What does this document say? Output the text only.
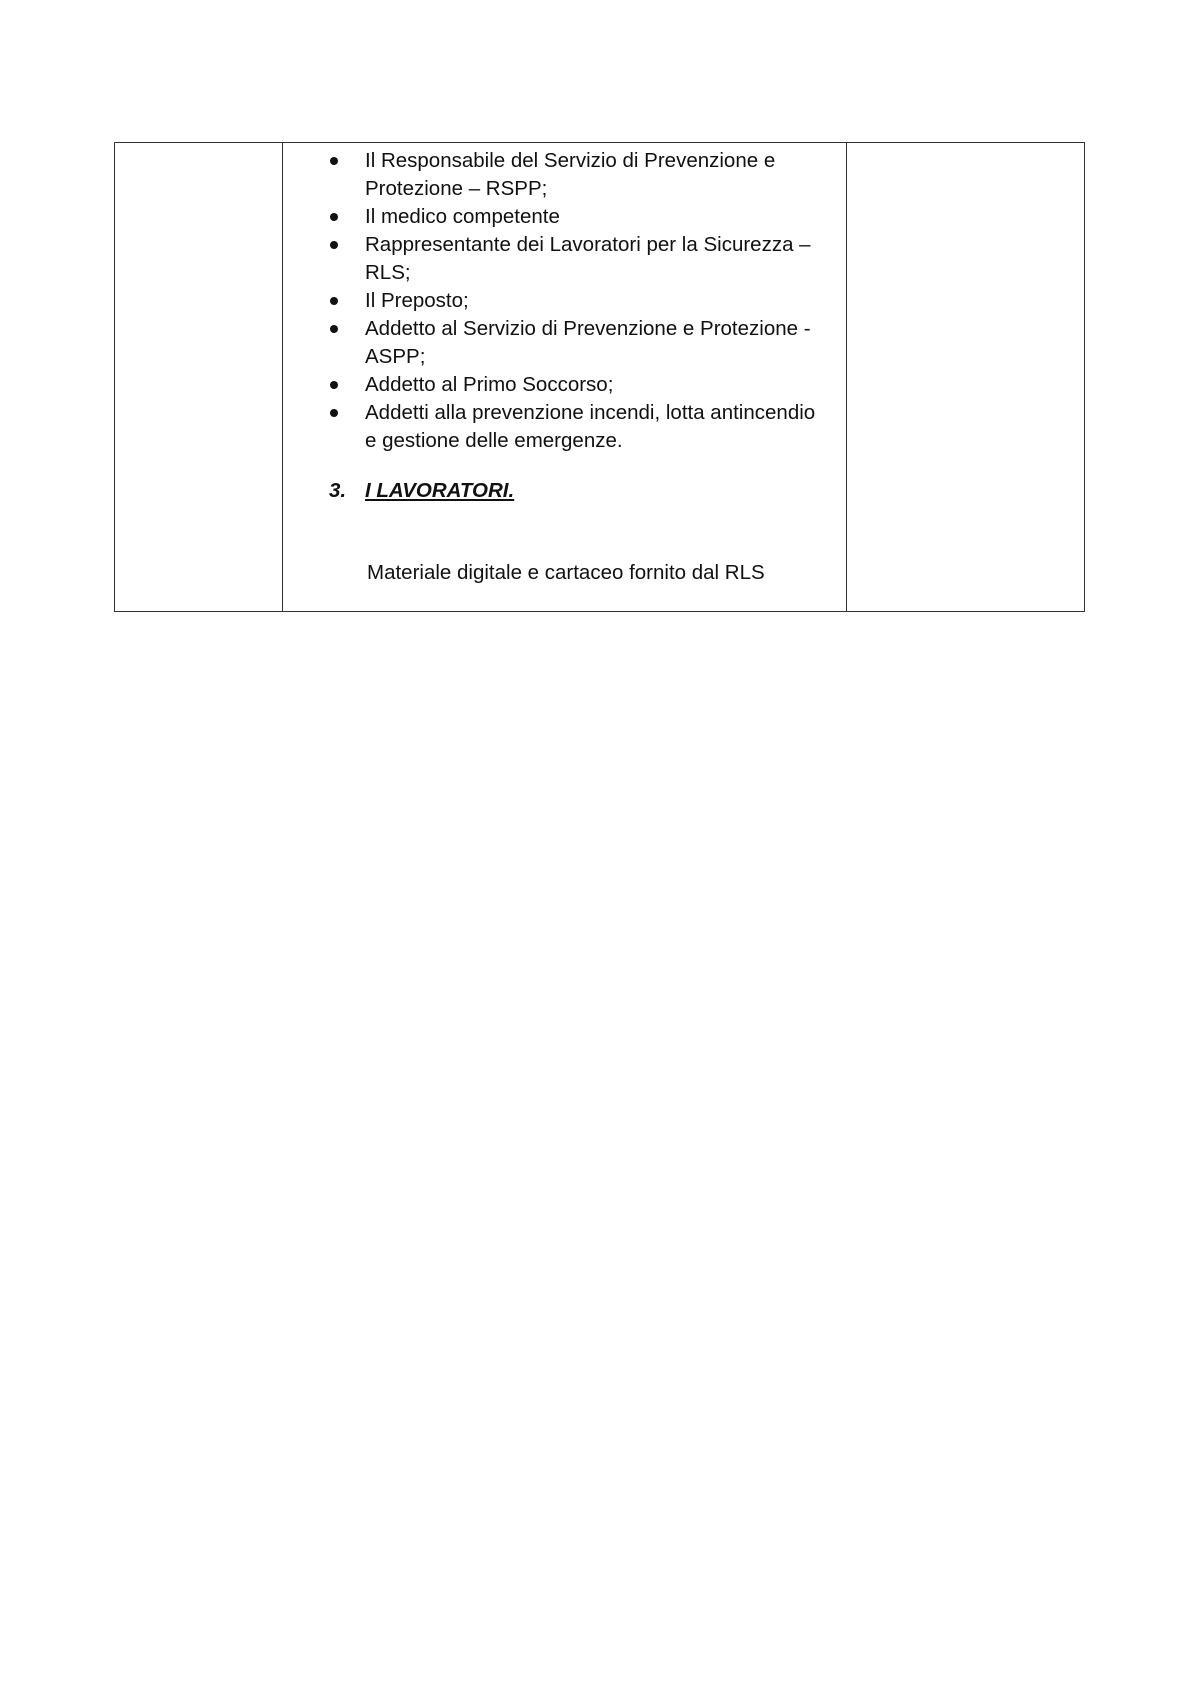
Il Responsabile del Servizio di Prevenzione e Protezione – RSPP;
Il medico competente
Rappresentante dei Lavoratori per la Sicurezza – RLS;
Il Preposto;
Addetto al Servizio di Prevenzione e Protezione - ASPP;
Addetto al Primo Soccorso;
Addetti alla prevenzione incendi, lotta antincendio e gestione delle emergenze.
3. I LAVORATORI.
Materiale digitale e cartaceo fornito dal RLS
